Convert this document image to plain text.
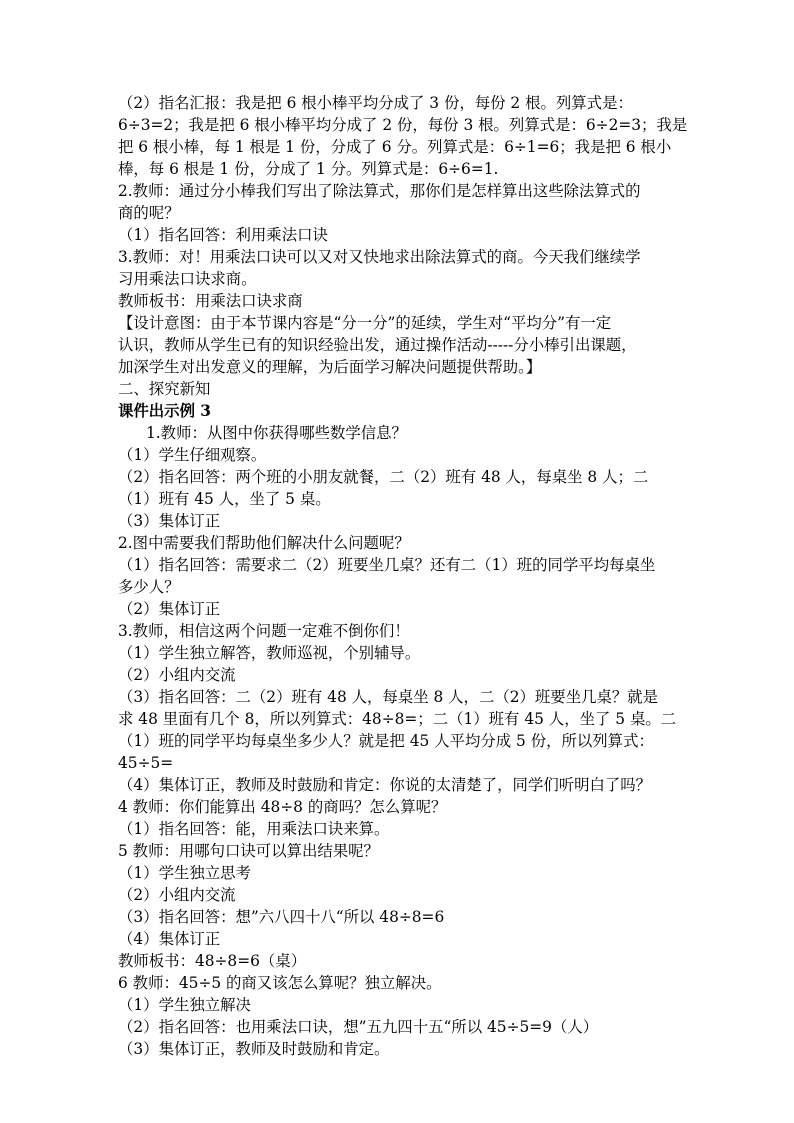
（2）指名汇报：我是把 6 根小棒平均分成了 3 份，每份 2 根。列算式是：

6÷3=2；我是把 6 根小棒平均分成了 2 份，每份 3 根。列算式是：6÷2=3；我是

把 6 根小棒，每 1 根是 1 份，分成了 6 分。列算式是：6÷1=6；我是把 6 根小

棒，每 6 根是 1 份，分成了 1 分。列算式是：6÷6=1.

2.教师：通过分小棒我们写出了除法算式，那你们是怎样算出这些除法算式的

商的呢？

（1）指名回答：利用乘法口诀

3.教师：对！用乘法口诀可以又对又快地求出除法算式的商。今天我们继续学

习用乘法口诀求商。

教师板书：用乘法口诀求商

【设计意图：由于本节课内容是“分一分”的延续，学生对“平均分”有一定

认识，教师从学生已有的知识经验出发，通过操作活动-----分小棒引出课题，

加深学生对出发意义的理解，为后面学习解决问题提供帮助。】

二、探究新知

课件出示例 3

1.教师：从图中你获得哪些数学信息？

（1）学生仔细观察。

（2）指名回答：两个班的小朋友就餐，二（2）班有 48 人，每桌坐 8 人；二

（1）班有 45 人，坐了 5 桌。

（3）集体订正

2.图中需要我们帮助他们解决什么问题呢？

（1）指名回答：需要求二（2）班要坐几桌？还有二（1）班的同学平均每桌坐

多少人？

（2）集体订正

3.教师，相信这两个问题一定难不倒你们！

（1）学生独立解答，教师巡视，个别辅导。

（2）小组内交流

（3）指名回答：二（2）班有 48 人，每桌坐 8 人，二（2）班要坐几桌？就是

求 48 里面有几个 8，所以列算式：48÷8=；二（1）班有 45 人，坐了 5 桌。二

（1）班的同学平均每桌坐多少人？就是把 45 人平均分成 5 份，所以列算式：

45÷5=

（4）集体订正，教师及时鼓励和肯定：你说的太清楚了，同学们听明白了吗？

4 教师：你们能算出 48÷8 的商吗？怎么算呢？

（1）指名回答：能，用乘法口诀来算。

5 教师：用哪句口诀可以算出结果呢？

（1）学生独立思考

（2）小组内交流

（3）指名回答：想”六八四十八“所以 48÷8=6

（4）集体订正

教师板书：48÷8=6（桌）

6 教师：45÷5 的商又该怎么算呢？独立解决。

（1）学生独立解决

（2）指名回答：也用乘法口诀，想”五九四十五“所以 45÷5=9（人）

（3）集体订正，教师及时鼓励和肯定。
